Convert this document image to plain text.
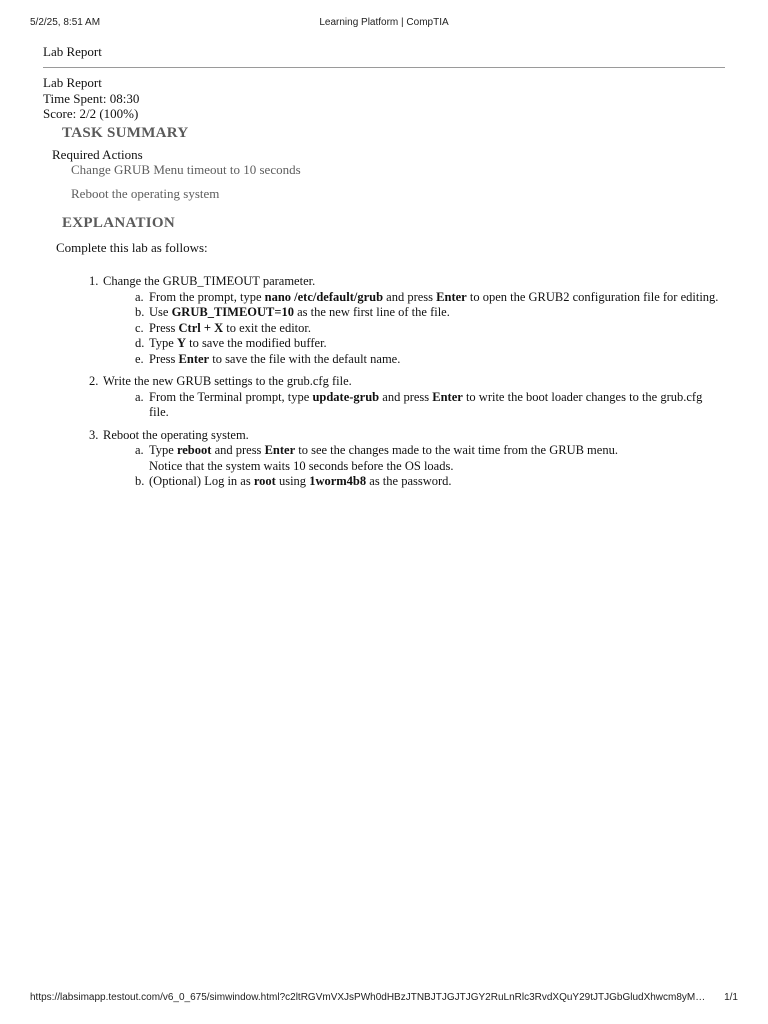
5/2/25, 8:51 AM	Learning Platform | CompTIA
Lab Report
Lab Report
Time Spent: 08:30
Score: 2/2 (100%)
TASK SUMMARY
Required Actions
Change GRUB Menu timeout to 10 seconds
Reboot the operating system
EXPLANATION
Complete this lab as follows:
1. Change the GRUB_TIMEOUT parameter.
a. From the prompt, type nano /etc/default/grub and press Enter to open the GRUB2 configuration file for editing.
b. Use GRUB_TIMEOUT=10 as the new first line of the file.
c. Press Ctrl + X to exit the editor.
d. Type Y to save the modified buffer.
e. Press Enter to save the file with the default name.
2. Write the new GRUB settings to the grub.cfg file.
a. From the Terminal prompt, type update-grub and press Enter to write the boot loader changes to the grub.cfg file.
3. Reboot the operating system.
a. Type reboot and press Enter to see the changes made to the wait time from the GRUB menu.
Notice that the system waits 10 seconds before the OS loads.
b. (Optional) Log in as root using 1worm4b8 as the password.
https://labsimapp.testout.com/v6_0_675/simwindow.html?c2ltRGVmVXJsPWh0dHBzJTNBJTJGJTJGY2RuLnRlc3RvdXQuY29tJTJGbGludXhwcm8yM…	1/1
